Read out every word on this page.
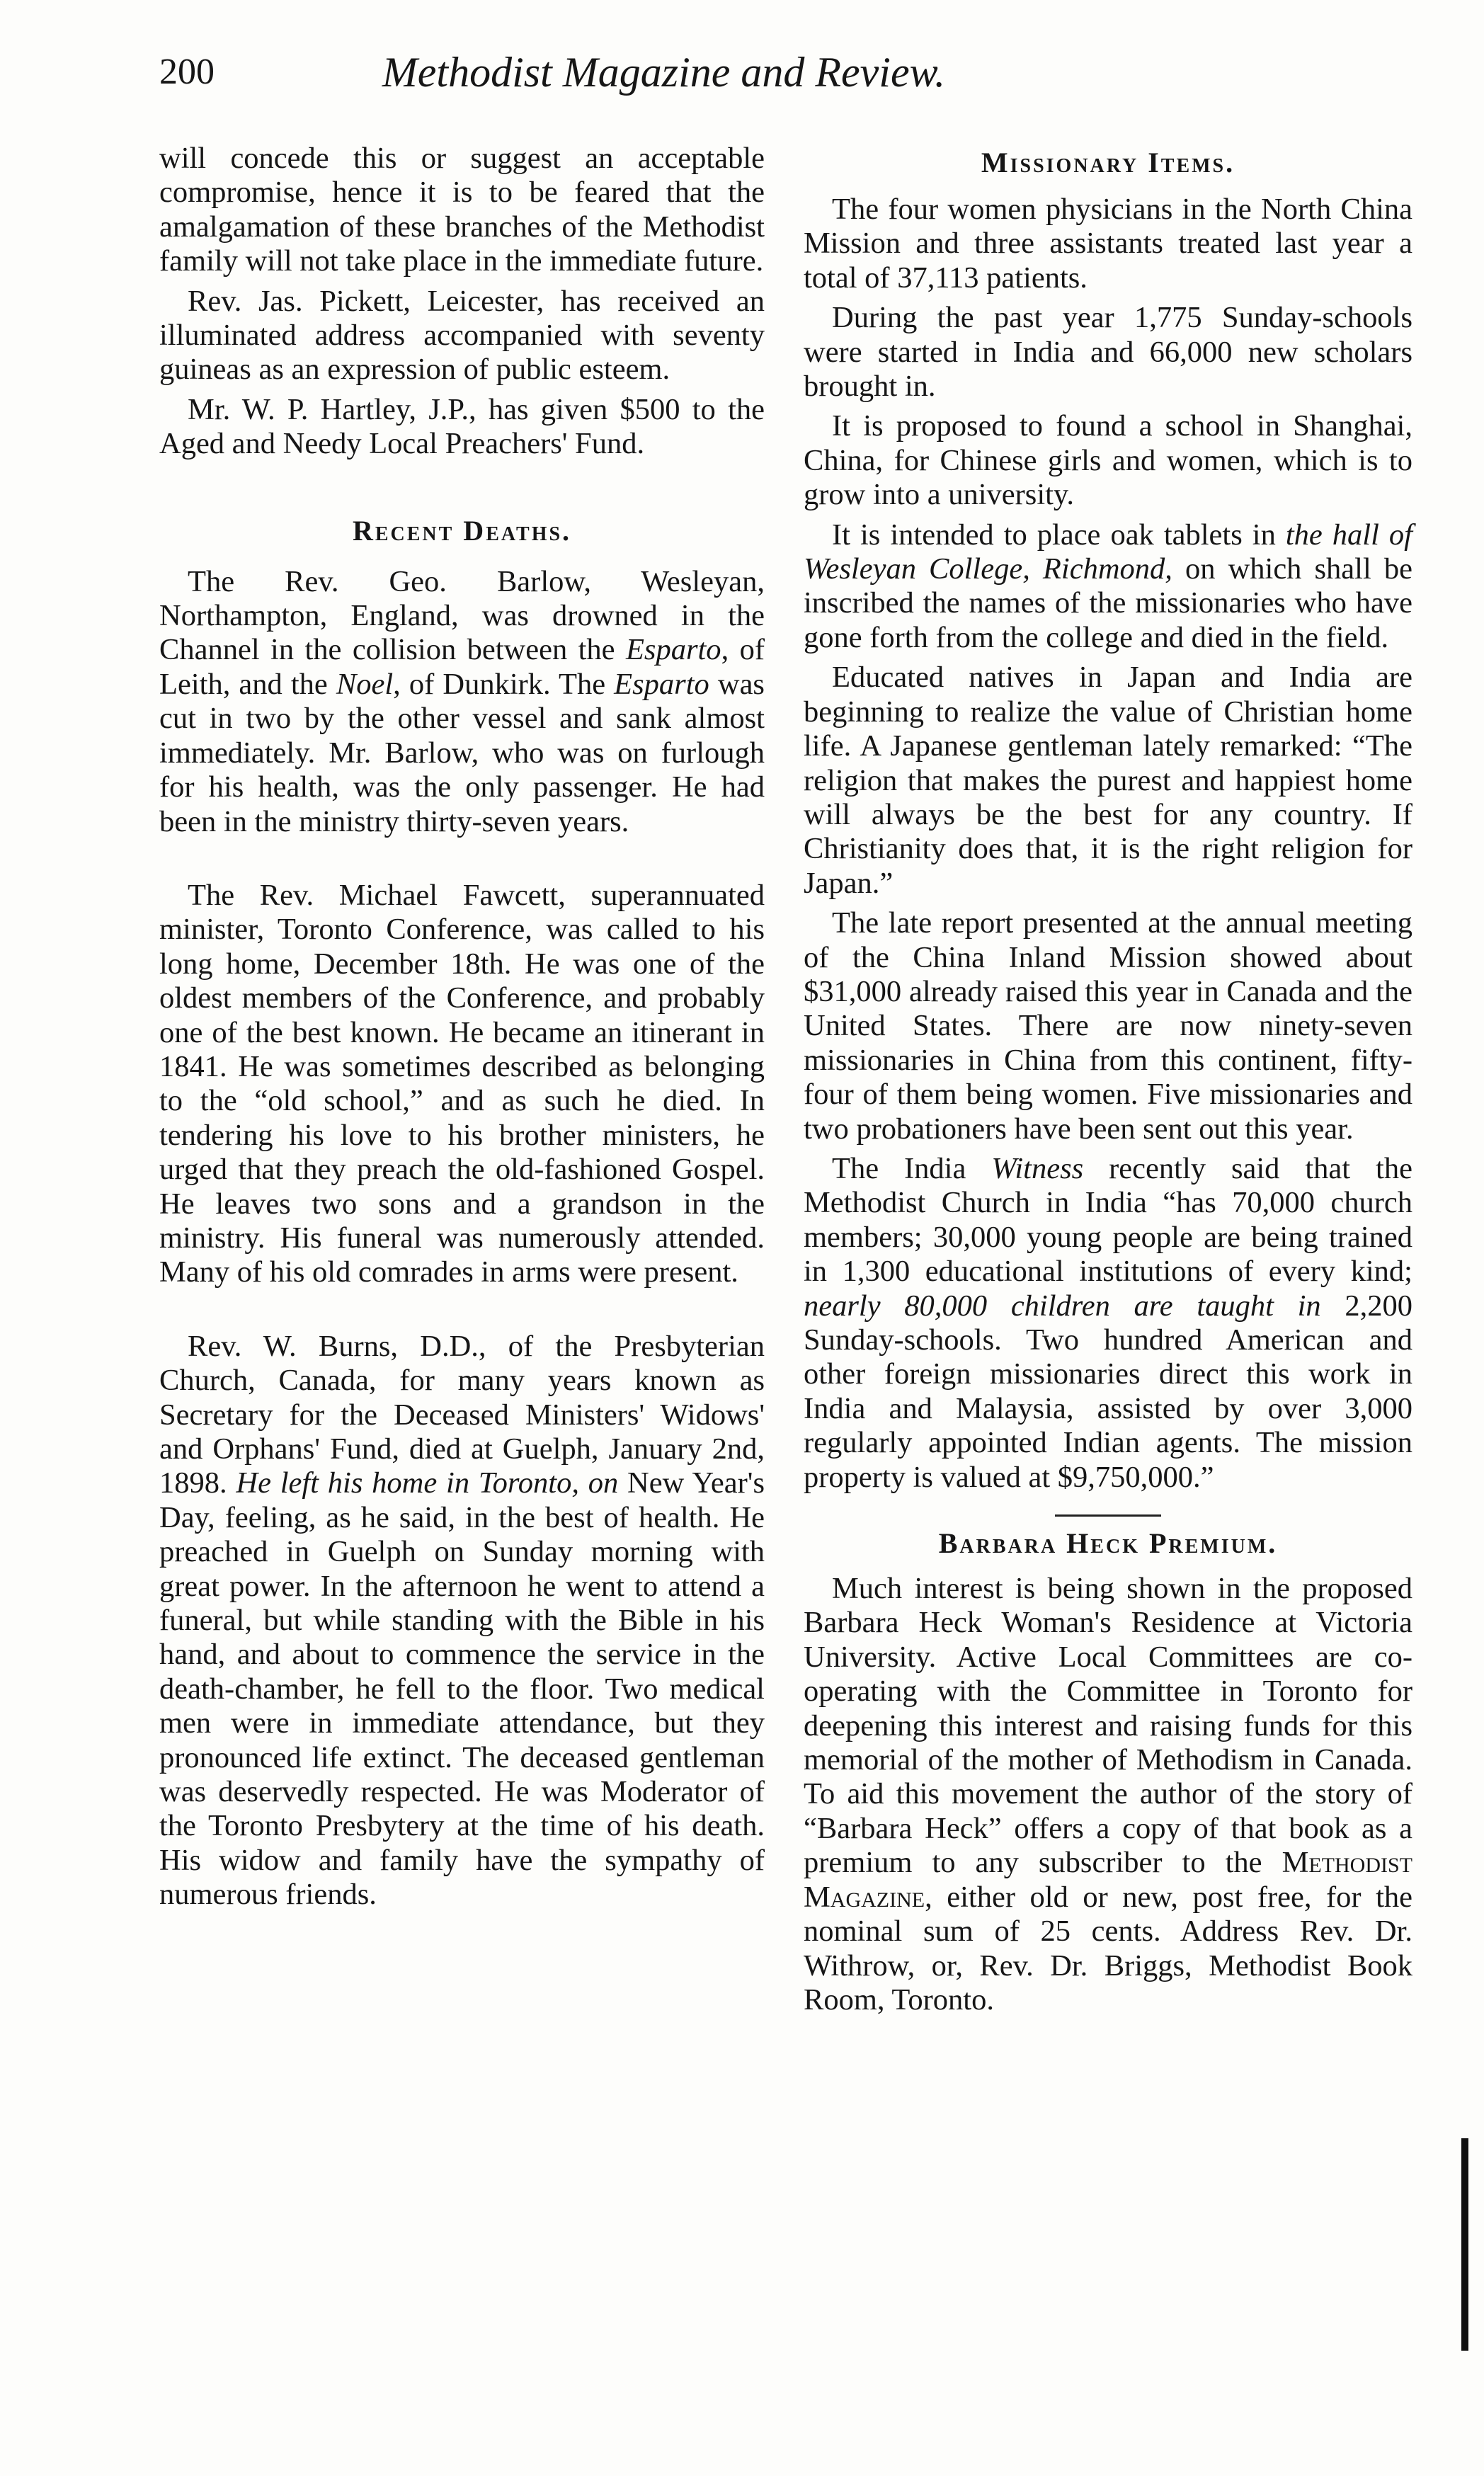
200	Methodist Magazine and Review.

will concede this or suggest an acceptable compromise, hence it is to be feared that the amalgamation of these branches of the Methodist family will not take place in the immediate future.

Rev. Jas. Pickett, Leicester, has received an illuminated address accompanied with seventy guineas as an expression of public esteem.

Mr. W. P. Hartley, J.P., has given $500 to the Aged and Needy Local Preachers' Fund.

Recent Deaths.

The Rev. Geo. Barlow, Wesleyan, Northampton, England, was drowned in the Channel in the collision between the Esparto, of Leith, and the Noel, of Dunkirk. The Esparto was cut in two by the other vessel and sank almost immediately. Mr. Barlow, who was on furlough for his health, was the only passenger. He had been in the ministry thirty-seven years.

The Rev. Michael Fawcett, superannuated minister, Toronto Conference, was called to his long home, December 18th. He was one of the oldest members of the Conference, and probably one of the best known. He became an itinerant in 1841. He was sometimes described as belonging to the “old school,” and as such he died. In tendering his love to his brother ministers, he urged that they preach the old-fashioned Gospel. He leaves two sons and a grandson in the ministry. His funeral was numerously attended. Many of his old comrades in arms were present.

Rev. W. Burns, D.D., of the Presbyterian Church, Canada, for many years known as Secretary for the Deceased Ministers' Widows' and Orphans' Fund, died at Guelph, January 2nd, 1898. He left his home in Toronto, on New Year's Day, feeling, as he said, in the best of health. He preached in Guelph on Sunday morning with great power. In the afternoon he went to attend a funeral, but while standing with the Bible in his hand, and about to commence the service in the death-chamber, he fell to the floor. Two medical men were in immediate attendance, but they pronounced life extinct. The deceased gentleman was deservedly respected. He was Moderator of the Toronto Presbytery at the time of his death. His widow and family have the sympathy of numerous friends.

Missionary Items.

The four women physicians in the North China Mission and three assistants treated last year a total of 37,113 patients.

During the past year 1,775 Sunday-schools were started in India and 66,000 new scholars brought in.

It is proposed to found a school in Shanghai, China, for Chinese girls and women, which is to grow into a university.

It is intended to place oak tablets in the hall of Wesleyan College, Richmond, on which shall be inscribed the names of the missionaries who have gone forth from the college and died in the field.

Educated natives in Japan and India are beginning to realize the value of Christian home life. A Japanese gentleman lately remarked: “The religion that makes the purest and happiest home will always be the best for any country. If Christianity does that, it is the right religion for Japan.”

The late report presented at the annual meeting of the China Inland Mission showed about $31,000 already raised this year in Canada and the United States. There are now ninety-seven missionaries in China from this continent, fifty-four of them being women. Five missionaries and two probationers have been sent out this year.

The India Witness recently said that the Methodist Church in India “has 70,000 church members; 30,000 young people are being trained in 1,300 educational institutions of every kind; nearly 80,000 children are taught in 2,200 Sunday-schools. Two hundred American and other foreign missionaries direct this work in India and Malaysia, assisted by over 3,000 regularly appointed Indian agents. The mission property is valued at $9,750,000.”

Barbara Heck Premium.

Much interest is being shown in the proposed Barbara Heck Woman's Residence at Victoria University. Active Local Committees are co-operating with the Committee in Toronto for deepening this interest and raising funds for this memorial of the mother of Methodism in Canada. To aid this movement the author of the story of “Barbara Heck” offers a copy of that book as a premium to any subscriber to the Methodist Magazine, either old or new, post free, for the nominal sum of 25 cents. Address Rev. Dr. Withrow, or, Rev. Dr. Briggs, Methodist Book Room, Toronto.
